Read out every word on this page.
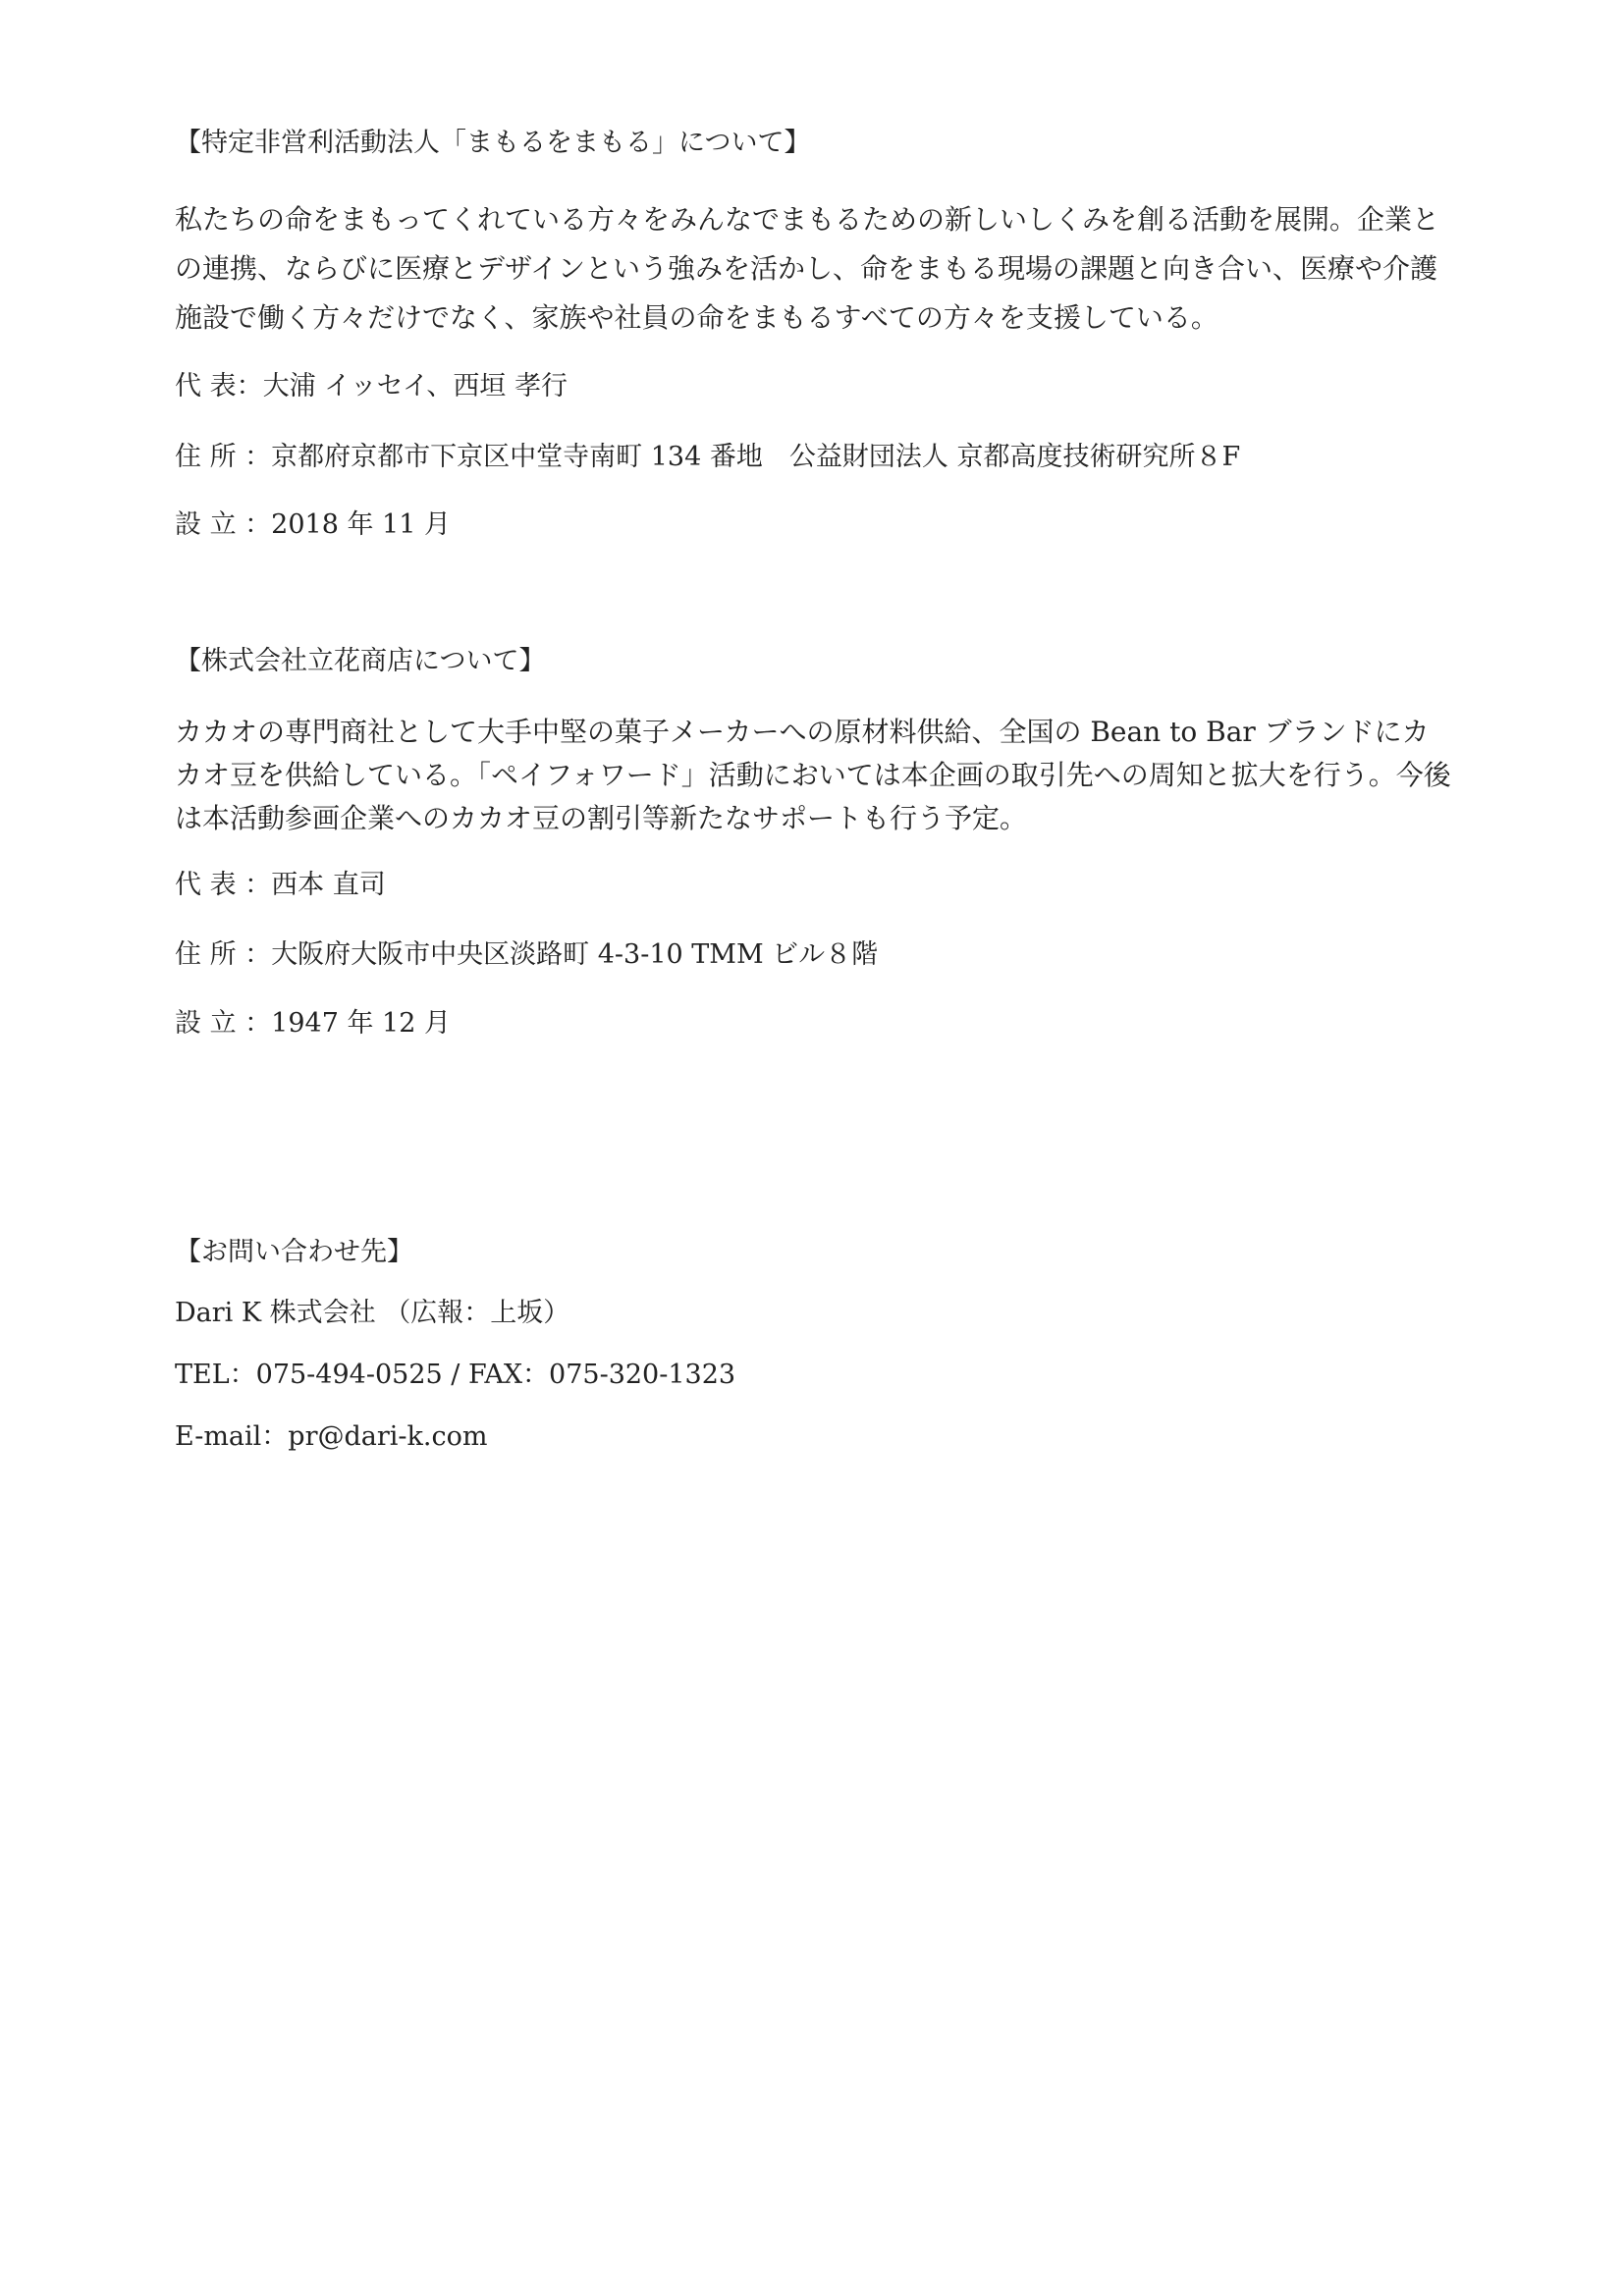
【特定非営利活動法人「まもるをまもる」について】
私たちの命をまもってくれている方々をみんなでまもるための新しいしくみを創る活動を展開。企業との連携、ならびに医療とデザインという強みを活かし、命をまもる現場の課題と向き合い、医療や介護施設で働く方々だけでなく、家族や社員の命をまもるすべての方々を支援している。
代 表：大浦 イッセイ、西垣 孝行
住 所 ：京都府京都市下京区中堂寺南町 134 番地　公益財団法人 京都高度技術研究所８F
設 立 ：2018 年 11 月
【株式会社立花商店について】
カカオの専門商社として大手中堅の菓子メーカーへの原材料供給、全国の Bean to Bar ブランドにカカオ豆を供給している。「ペイフォワード」活動においては本企画の取引先への周知と拡大を行う。今後は本活動参画企業へのカカオ豆の割引等新たなサポートも行う予定。
代 表 ：西本 直司
住 所 ：大阪府大阪市中央区淡路町 4-3-10 TMM ビル８階
設 立 ：1947 年 12 月
【お問い合わせ先】
Dari K 株式会社 （広報：上坂）
TEL：075-494-0525 / FAX：075-320-1323
E-mail：pr@dari-k.com
